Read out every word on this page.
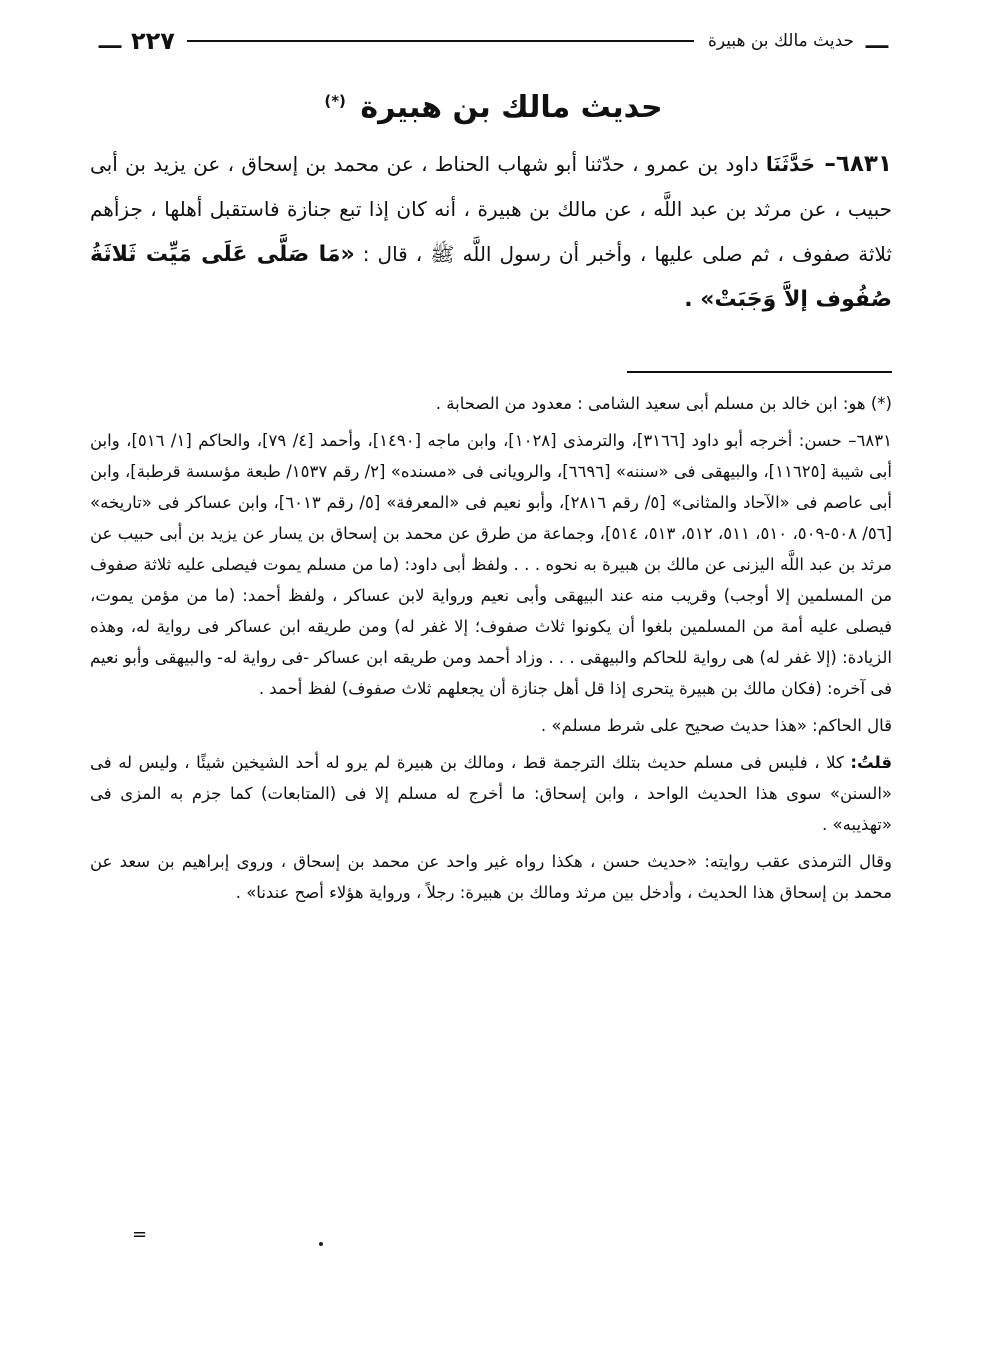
ـــ
حديث مالك بن هبيرة
٢٢٧
ـــ
حديث مالك بن هبيرة (*)
٦٨٣١– حَدَّثَنَا داود بن عمرو ، حدّثنا أبو شهاب الحناط ، عن محمد بن إسحاق ، عن يزيد بن أبى حبيب ، عن مرثد بن عبد اللَّه ، عن مالك بن هبيرة ، أنه كان إذا تبع جنازة فاستقبل أهلها ، جزأهم ثلاثة صفوف ، ثم صلى عليها ، وأخبر أن رسول اللَّه ﷺ ، قال : «مَا صَلَّى عَلَى مَيِّت ثَلاثَةُ صُفُوف إلاَّ وَجَبَتْ» .

(*) هو: ابن خالد بن مسلم أبى سعيد الشامى : معدود من الصحابة .

٦٨٣١– حسن: أخرجه أبو داود [٣١٦٦]، والترمذى [١٠٢٨]، وابن ماجه [١٤٩٠]، وأحمد [٤/ ٧٩]، والحاكم [١/ ٥١٦]، وابن أبى شيبة [١١٦٢٥]، والبيهقى فى «سننه» [٦٦٩٦]، والرويانى فى «مسنده» [٢/ رقم ١٥٣٧/ طبعة مؤسسة قرطبة]، وابن أبى عاصم فى «الآحاد والمثانى» [٥/ رقم ٢٨١٦]، وأبو نعيم فى «المعرفة» [٥/ رقم ٦٠١٣]، وابن عساكر فى «تاريخه» [٥٦/ ٥٠٨-٥٠٩، ٥١٠، ٥١١، ٥١٢، ٥١٣، ٥١٤]، وجماعة من طرق عن محمد بن إسحاق بن يسار عن يزيد بن أبى حبيب عن مرثد بن عبد اللَّه اليزنى عن مالك بن هبيرة به نحوه . . . ولفظ أبى داود: (ما من مسلم يموت فيصلى عليه ثلاثة صفوف من المسلمين إلا أوجب) وقريب منه عند البيهقى وأبى نعيم ورواية لابن عساكر ، ولفظ أحمد: (ما من مؤمن يموت، فيصلى عليه أمة من المسلمين بلغوا أن يكونوا ثلاث صفوف؛ إلا غفر له) ومن طريقه ابن عساكر فى رواية له، وهذه الزيادة: (إلا غفر له) هى رواية للحاكم والبيهقى . . . وزاد أحمد ومن طريقه ابن عساكر -فى رواية له- والبيهقى وأبو نعيم فى آخره: (فكان مالك بن هبيرة يتحرى إذا قل أهل جنازة أن يجعلهم ثلاث صفوف) لفظ أحمد .

قال الحاكم: «هذا حديث صحيح على شرط مسلم» .

قلتُ: كلا ، فليس فى مسلم حديث بتلك الترجمة قط ، ومالك بن هبيرة لم يرو له أحد الشيخين شيئًا ، وليس له فى «السنن» سوى هذا الحديث الواحد ، وابن إسحاق: ما أخرج له مسلم إلا فى (المتابعات) كما جزم به المزى فى «تهذيبه» .

وقال الترمذى عقب روايته: «حديث حسن ، هكذا رواه غير واحد عن محمد بن إسحاق ، وروى إبراهيم بن سعد عن محمد بن إسحاق هذا الحديث ، وأدخل بين مرثد ومالك بن هبيرة: رجلاً ، ورواية هؤلاء أصح عندنا» .

=
